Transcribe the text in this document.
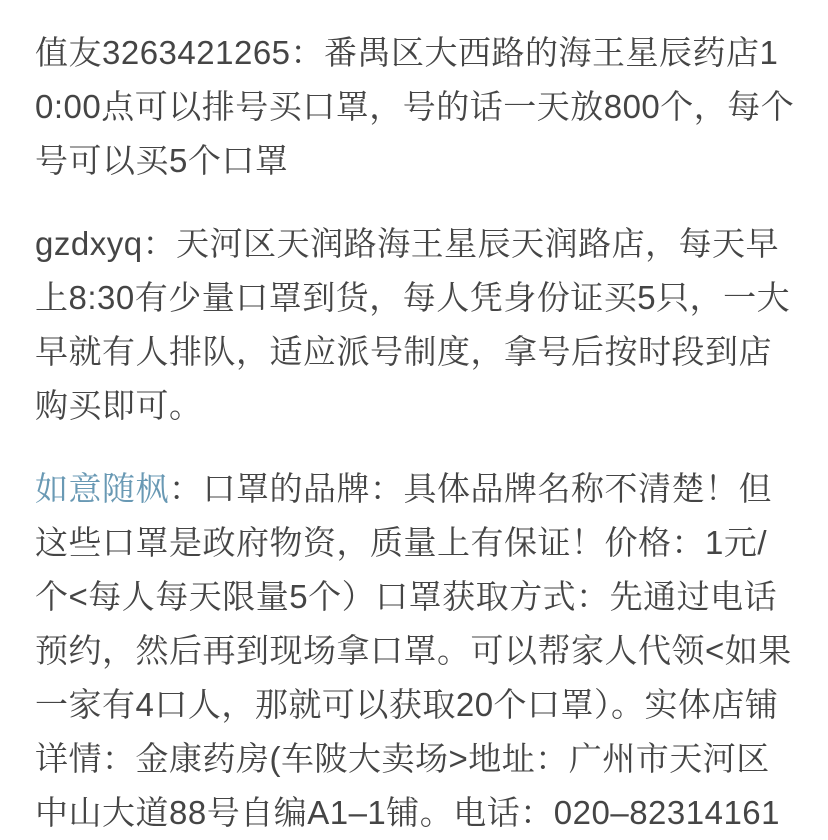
值友3263421265：番禺区大西路的海王星辰药店10:00点可以排号买口罩，号的话一天放800个，每个号可以买5个口罩

gzdxyq：天河区天润路海王星辰天润路店，每天早上8:30有少量口罩到货，每人凭身份证买5只，一大早就有人排队，适应派号制度，拿号后按时段到店购买即可。

如意随枫：口罩的品牌：具体品牌名称不清楚！但这些口罩是政府物资，质量上有保证！价格：1元/个<每人每天限量5个）口罩获取方式：先通过电话预约，然后再到现场拿口罩。可以帮家人代领<如果一家有4口人，那就可以获取20个口罩）。实体店铺详情：金康药房(车陂大卖场>地址：广州市天河区中山大道88号自编A1–1铺。电话：020–82314161
